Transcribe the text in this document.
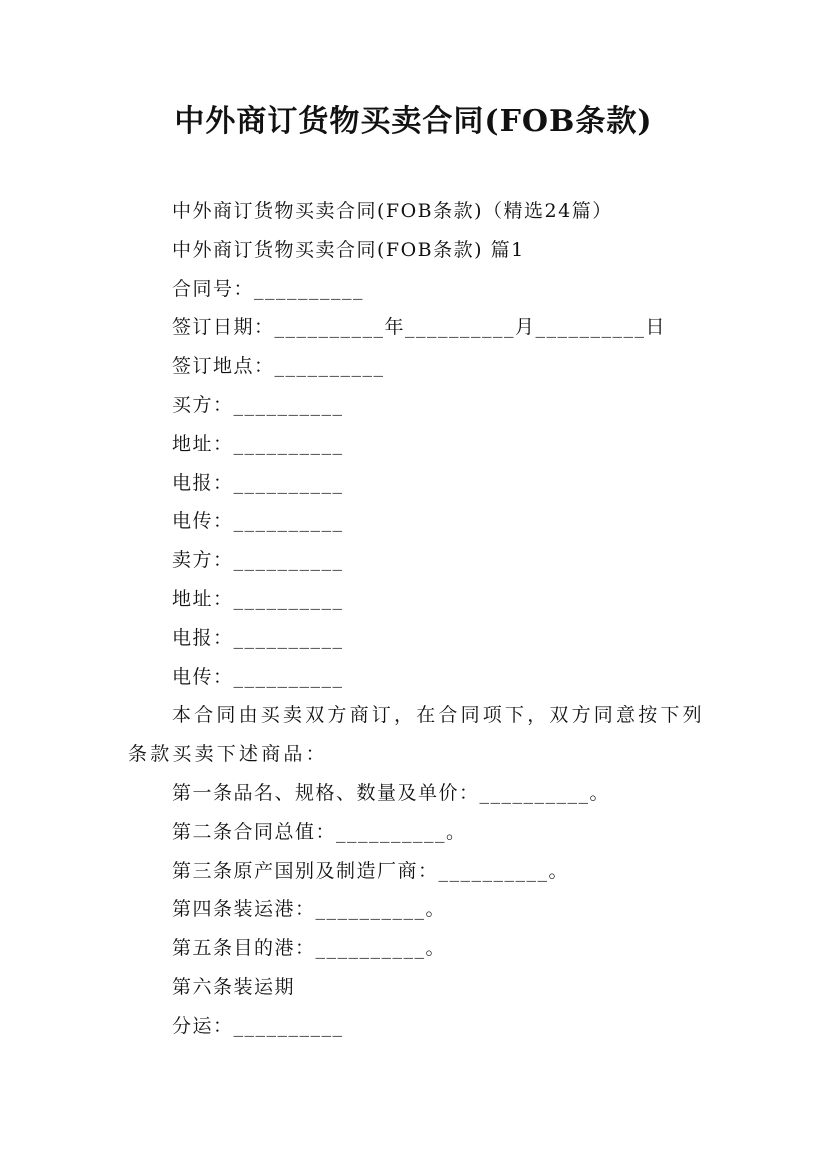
中外商订货物买卖合同(FOB条款)
中外商订货物买卖合同(FOB条款)（精选24篇）
中外商订货物买卖合同(FOB条款) 篇1
合同号：__________
签订日期：__________年__________月__________日
签订地点：__________
买方：__________
地址：__________
电报：__________
电传：__________
卖方：__________
地址：__________
电报：__________
电传：__________
本合同由买卖双方商订，在合同项下，双方同意按下列条款买卖下述商品：
第一条品名、规格、数量及单价：__________。
第二条合同总值：__________。
第三条原产国别及制造厂商：__________。
第四条装运港：__________。
第五条目的港：__________。
第六条装运期
分运：__________
